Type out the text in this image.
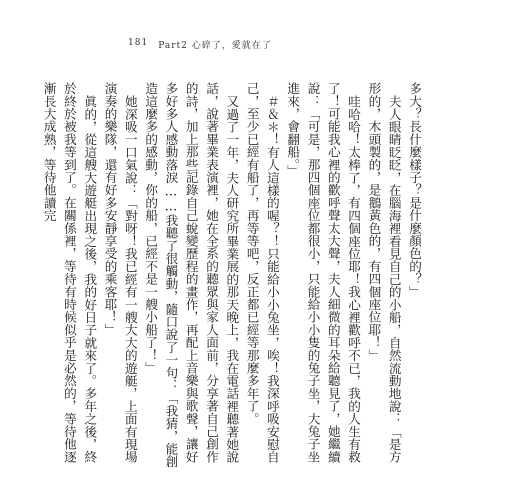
181 Part2 心碎了，愛就在了

多大？長什麼樣子？是什麼顏色的？」

夫人眼睛眨眨，在腦海裡看見自己的小船，自然流動地說：「是方形的，木頭製的，是鵝黃色的，有四個座位耶！」

哇哈哈！太棒了，有四個座位耶！我心裡歡呼不已，我的人生有救了！可能我心裡的歡呼聲太大聲，夫人細微的耳朵給聽見了，她繼續說：「可是，那四個座位都很小，只能給小小隻的兔子坐，大兔子坐進來，會翻船。」

＃＆＊！有人這樣的喔？！只能給小小兔坐，唉！我深呼吸安慰自己，至少已經有船了，再等等吧，反正都已經等那麼多年了。

又過了一年，夫人研究所畢業展的那天晚上，我在電話裡聽著她說話，說著畢業表演裡，她在全系的聽眾與家人面前，分享著自己創作的詩，加上那些記錄自己蛻變歷程的畫作，再配上音樂與歌聲，讓好多好多人感動落淚……我聽了很觸動，隨口說了一句：「我猜，能創造這麼多的感動，你的船，已經不是一艘小船了！」

她深吸一口氣說：「對呀！我已經有一艘大大的遊艇，上面有現場演奏的樂隊，還有好多安靜享受的乘客耶！」

眞的，從這艘大遊艇出現之後，我的好日子就來了。多年之後，終於終於被我等到了。在關係裡，等待有時候似乎是必然的，等待他逐漸長大成熟，等待他讀完
